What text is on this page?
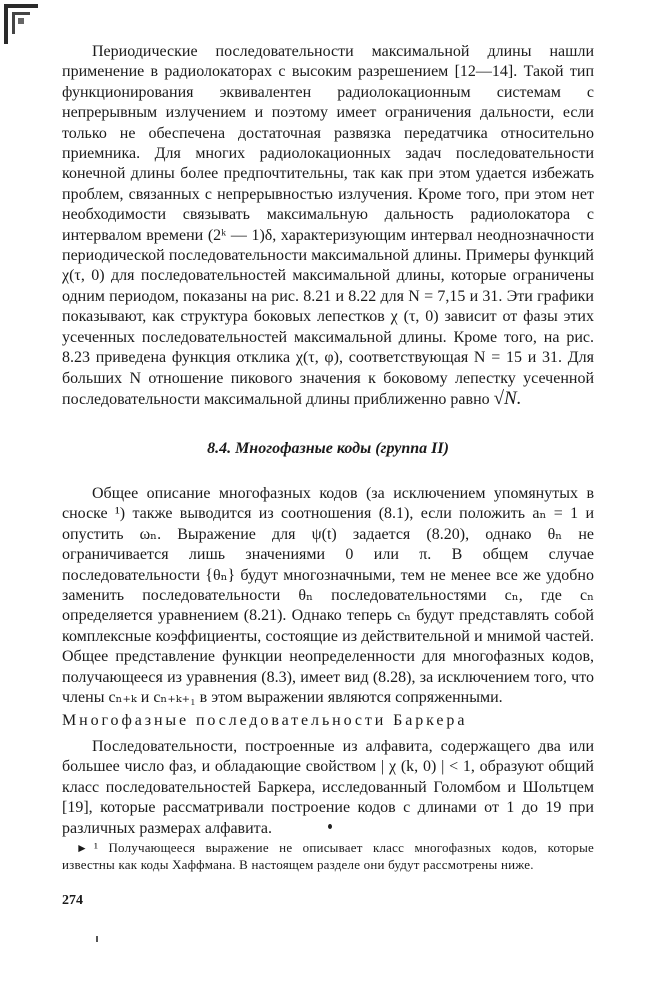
Периодические последовательности максимальной длины нашли применение в радиолокаторах с высоким разрешением [12—14]. Такой тип функционирования эквивалентен радиолокационным системам с непрерывным излучением и поэтому имеет ограничения дальности, если только не обеспечена достаточная развязка передатчика относительно приемника. Для многих радиолокационных задач последовательности конечной длины более предпочтительны, так как при этом удается избежать проблем, связанных с непрерывностью излучения. Кроме того, при этом нет необходимости связывать максимальную дальность радиолокатора с интервалом времени (2ᵏ — 1)δ, характеризующим интервал неоднозначности периодической последовательности максимальной длины. Примеры функций χ(τ, 0) для последовательностей максимальной длины, которые ограничены одним периодом, показаны на рис. 8.21 и 8.22 для N = 7,15 и 31. Эти графики показывают, как структура боковых лепестков χ (τ, 0) зависит от фазы этих усеченных последовательностей максимальной длины. Кроме того, на рис. 8.23 приведена функция отклика χ(τ, φ), соответствующая N = 15 и 31. Для больших N отношение пикового значения к боковому лепестку усеченной последовательности максимальной длины приближенно равно √N.

8.4. Многофазные коды (группа II)

Общее описание многофазных кодов (за исключением упомянутых в сноске ¹) также выводится из соотношения (8.1), если положить aₙ = 1 и опустить ωₙ. Выражение для ψ(t) задается (8.20), однако θₙ не ограничивается лишь значениями 0 или π. В общем случае последовательности {θₙ} будут многозначными, тем не менее все же удобно заменить последовательности θₙ последовательностями cₙ, где cₙ определяется уравнением (8.21). Однако теперь cₙ будут представлять собой комплексные коэффициенты, состоящие из действительной и мнимой частей. Общее представление функции неопределенности для многофазных кодов, получающееся из уравнения (8.3), имеет вид (8.28), за исключением того, что члены cₙ₊ₖ и cₙ₊ₖ₊₁ в этом выражении являются сопряженными.

Многофазные последовательности Баркера

Последовательности, построенные из алфавита, содержащего два или большее число фаз, и обладающие свойством | χ (k, 0) | < 1, образуют общий класс последовательностей Баркера, исследованный Голомбом и Шольтцем [19], которые рассматривали построение кодов с длинами от 1 до 19 при различных размерах алфавита.

► ¹ Получающееся выражение не описывает класс многофазных кодов, которые известны как коды Хаффмана. В настоящем разделе они будут рассмотрены ниже.
274
